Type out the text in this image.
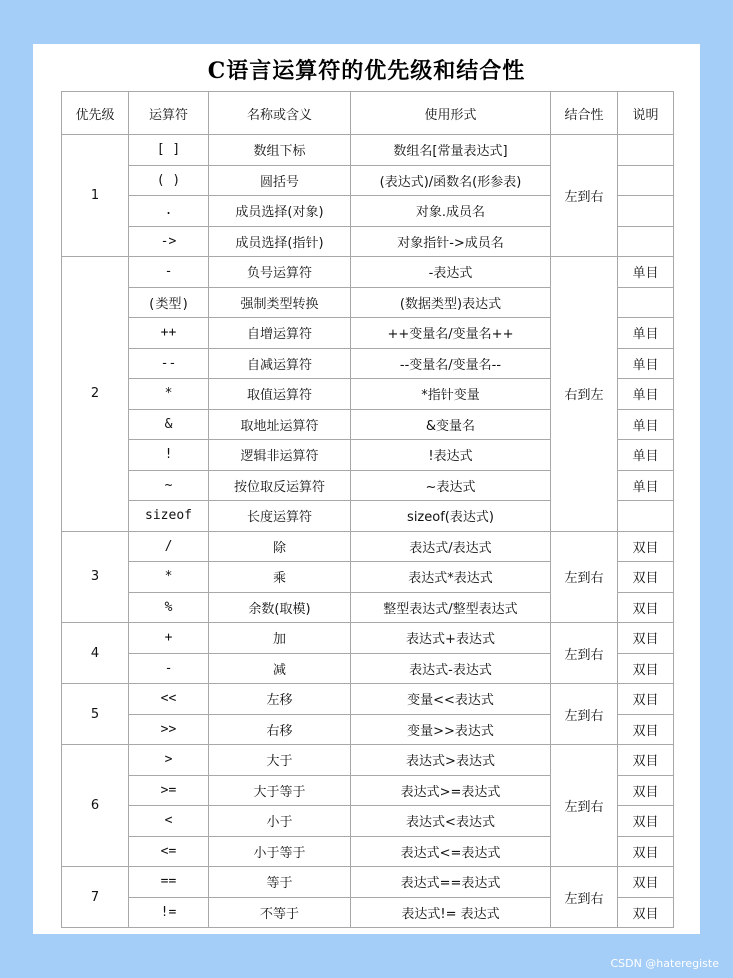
C语言运算符的优先级和结合性
优先级	运算符	名称或含义	使用形式	结合性	说明
1	[ ]	数组下标	数组名[常量表达式]	左到右	
	( )	圆括号	(表达式)/函数名(形参表)		
	.	成员选择(对象)	对象.成员名		
	->	成员选择(指针)	对象指针->成员名		
2	-	负号运算符	-表达式	右到左	单目
	(类型)	强制类型转换	(数据类型)表达式		
	++	自增运算符	++变量名/变量名++		单目
	--	自减运算符	--变量名/变量名--		单目
	*	取值运算符	*指针变量		单目
	&	取地址运算符	&变量名		单目
	!	逻辑非运算符	!表达式		单目
	~	按位取反运算符	~表达式		单目
	sizeof	长度运算符	sizeof(表达式)		
3	/	除	表达式/表达式	左到右	双目
	*	乘	表达式*表达式		双目
	%	余数(取模)	整型表达式/整型表达式		双目
4	+	加	表达式+表达式	左到右	双目
	-	减	表达式-表达式		双目
5	<<	左移	变量<<表达式	左到右	双目
	>>	右移	变量>>表达式		双目
6	>	大于	表达式>表达式	左到右	双目
	>=	大于等于	表达式>=表达式		双目
	<	小于	表达式<表达式		双目
	<=	小于等于	表达式<=表达式		双目
7	==	等于	表达式==表达式	左到右	双目
	!=	不等于	表达式!= 表达式		双目
CSDN @hateregiste
